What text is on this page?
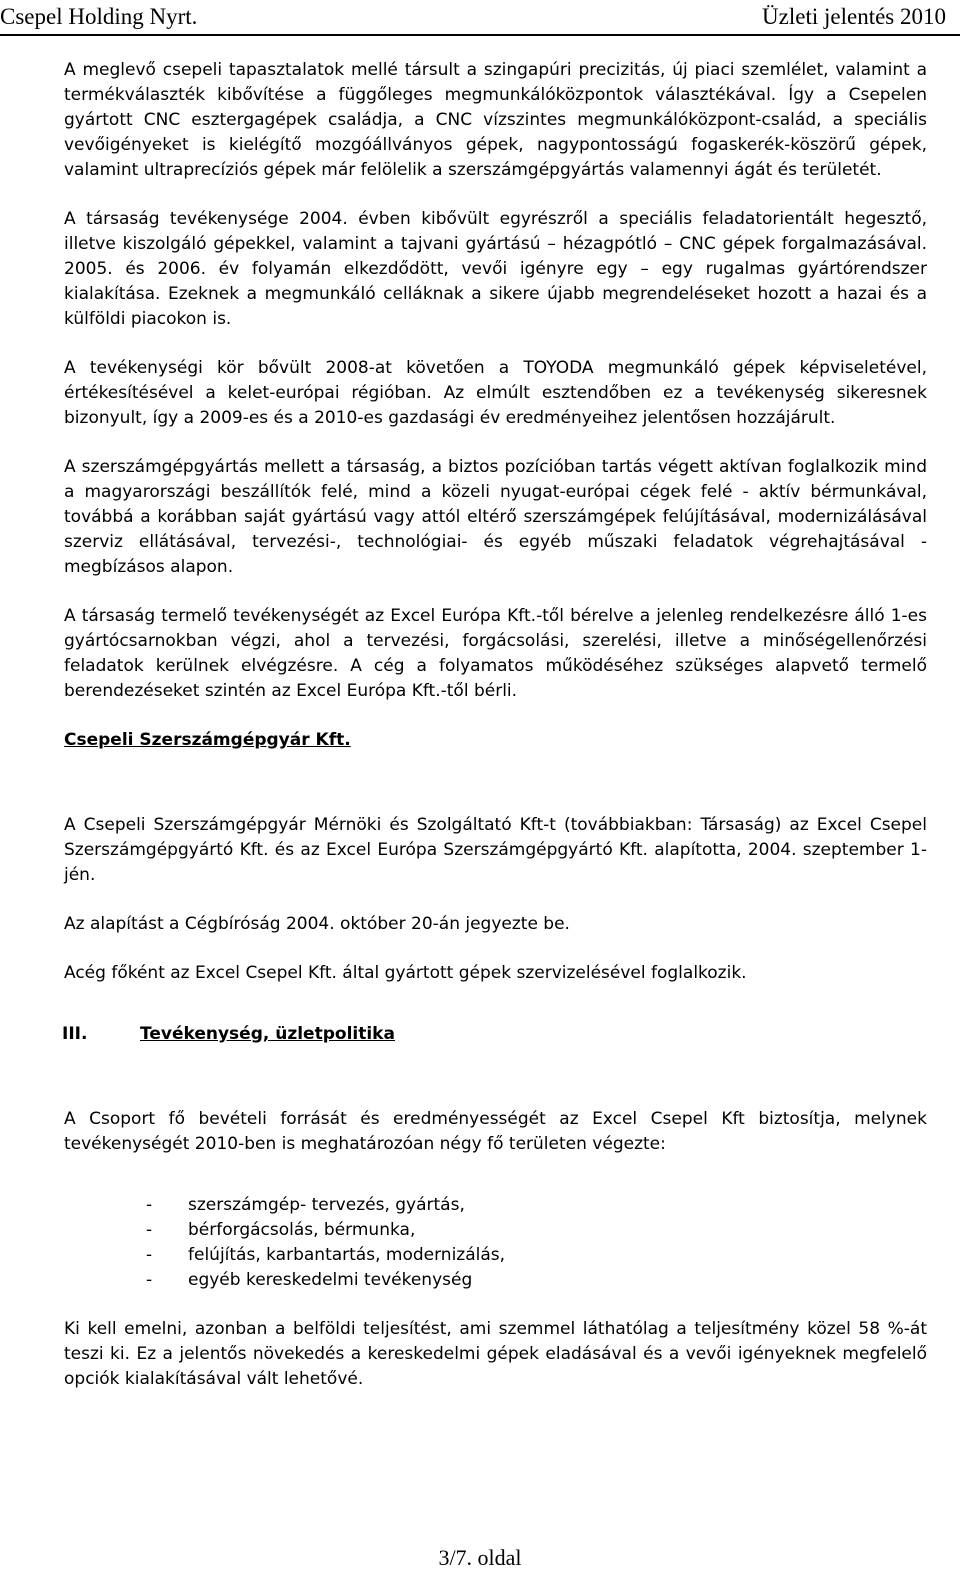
Csepel Holding Nyrt.	Üzleti jelentés 2010

A meglevő csepeli tapasztalatok mellé társult a szingapúri precizitás, új piaci szemlélet, valamint a termékválaszték kibővítése a függőleges megmunkálóközpontok választékával. Így a Csepelen gyártott CNC esztergagépek családja, a CNC vízszintes megmunkálóközpont-család, a speciális vevőigényeket is kielégítő mozgóállványos gépek, nagypontosságú fogaskerék-köszörű gépek, valamint ultraprecíziós gépek már felölelik a szerszámgépgyártás valamennyi ágát és területét.

A társaság tevékenysége 2004. évben kibővült egyrészről a speciális feladatorientált hegesztő, illetve kiszolgáló gépekkel, valamint a tajvani gyártású – hézagpótló – CNC gépek forgalmazásával. 2005. és 2006. év folyamán elkezdődött, vevői igényre egy – egy rugalmas gyártórendszer kialakítása. Ezeknek a megmunkáló celláknak a sikere újabb megrendeléseket hozott a hazai és a külföldi piacokon is.

A tevékenységi kör bővült 2008-at követően a TOYODA megmunkáló gépek képviseletével, értékesítésével a kelet-európai régióban. Az elmúlt esztendőben ez a tevékenység sikeresnek bizonyult, így a 2009-es és a 2010-es gazdasági év eredményeihez jelentősen hozzájárult.

A szerszámgépgyártás mellett a társaság, a biztos pozícióban tartás végett aktívan foglalkozik mind a magyarországi beszállítók felé, mind a közeli nyugat-európai cégek felé - aktív bérmunkával, továbbá a korábban saját gyártású vagy attól eltérő szerszámgépek felújításával, modernizálásával szerviz ellátásával, tervezési-, technológiai- és egyéb műszaki feladatok végrehajtásával - megbízásos alapon.

A társaság termelő tevékenységét az Excel Európa Kft.-től bérelve a jelenleg rendelkezésre álló 1-es gyártócsarnokban végzi, ahol a tervezési, forgácsolási, szerelési, illetve a minőségellenőrzési feladatok kerülnek elvégzésre. A cég a folyamatos működéséhez szükséges alapvető termelő berendezéseket szintén az Excel Európa Kft.-től bérli.

Csepeli Szerszámgépgyár Kft.

A Csepeli Szerszámgépgyár Mérnöki és Szolgáltató Kft-t (továbbiakban: Társaság) az Excel Csepel Szerszámgépgyártó Kft. és az Excel Európa Szerszámgépgyártó Kft. alapította, 2004. szeptember 1-jén.

Az alapítást a Cégbíróság 2004. október 20-án jegyezte be.

Acég főként az Excel Csepel Kft. által gyártott gépek szervizelésével foglalkozik.

III.	Tevékenység, üzletpolitika

A Csoport fő bevételi forrását és eredményességét az Excel Csepel Kft biztosítja, melynek tevékenységét 2010-ben is meghatározóan négy fő területen végezte:

-	szerszámgép- tervezés, gyártás,
-	bérforgácsolás, bérmunka,
-	felújítás, karbantartás, modernizálás,
-	egyéb kereskedelmi tevékenység

Ki kell emelni, azonban a belföldi teljesítést, ami szemmel láthatólag a teljesítmény közel 58 %-át teszi ki. Ez a jelentős növekedés a kereskedelmi gépek eladásával és a vevői igényeknek megfelelő opciók kialakításával vált lehetővé.

3/7. oldal
